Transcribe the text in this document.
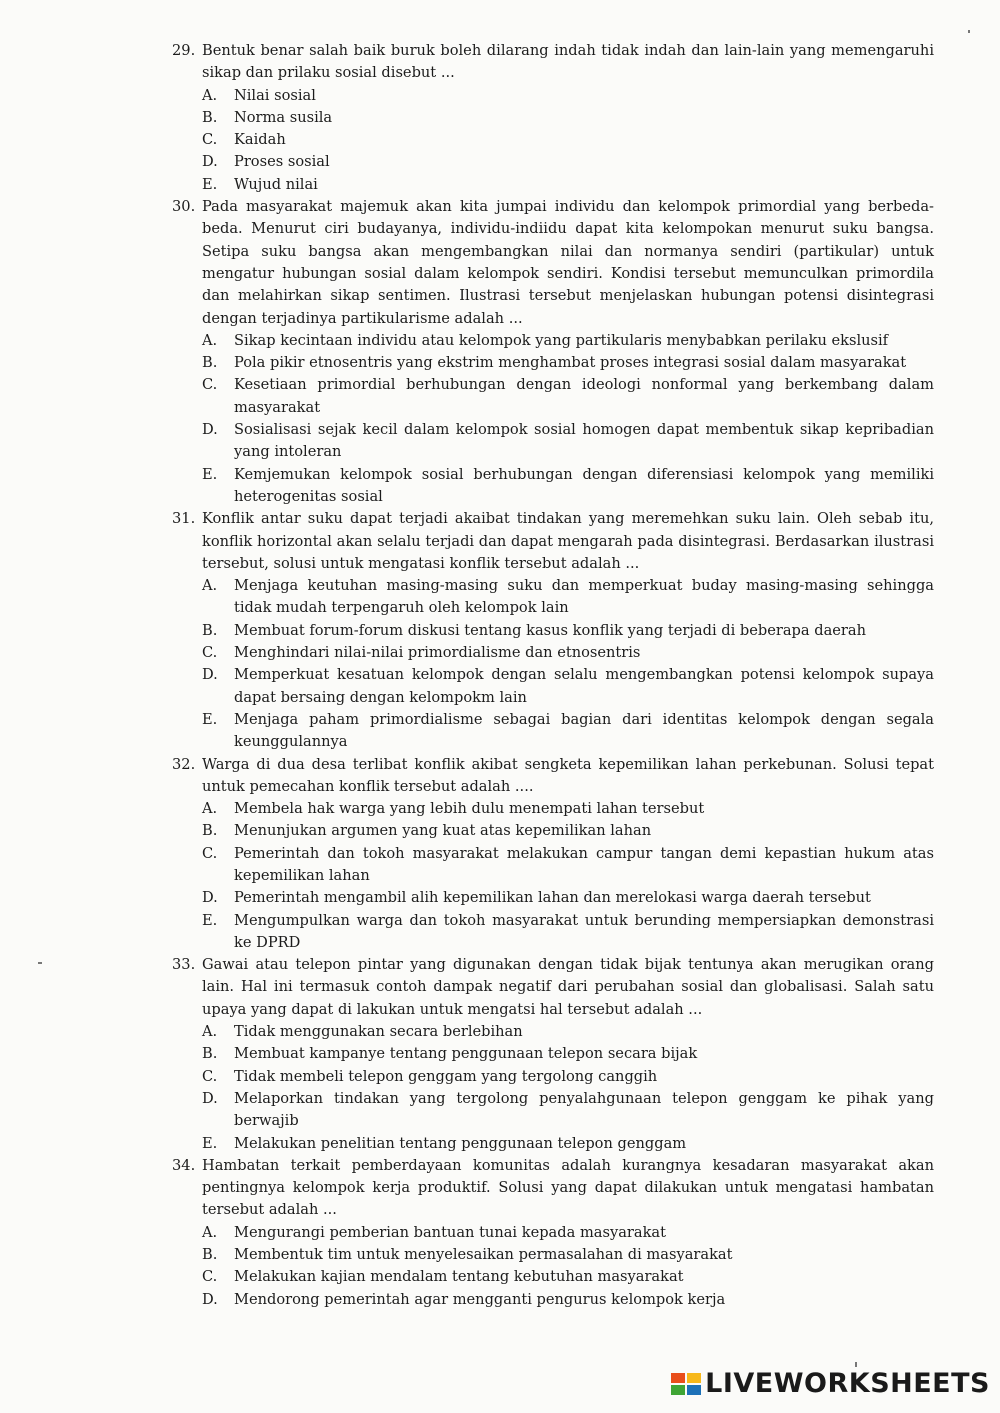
29. Bentuk benar salah baik buruk boleh dilarang indah tidak indah dan lain-lain yang memengaruhi sikap dan prilaku sosial disebut ...
A.	Nilai sosial
B.	Norma susila
C.	Kaidah
D.	Proses sosial
E.	Wujud nilai
30. Pada masyarakat majemuk akan kita jumpai individu dan kelompok primordial yang berbeda-beda. Menurut ciri budayanya, individu-indiidu dapat kita kelompokan menurut suku bangsa. Setipa suku bangsa akan mengembangkan nilai dan normanya sendiri (partikular) untuk mengatur hubungan sosial dalam kelompok sendiri. Kondisi tersebut memunculkan primordila dan melahirkan sikap sentimen. Ilustrasi tersebut menjelaskan hubungan potensi disintegrasi dengan terjadinya partikularisme adalah ...
A.	Sikap kecintaan individu atau kelompok yang partikularis menybabkan perilaku ekslusif
B.	Pola pikir etnosentris yang ekstrim menghambat proses integrasi sosial dalam masyarakat
C.	Kesetiaan primordial berhubungan dengan ideologi nonformal yang berkembang dalam masyarakat
D.	Sosialisasi sejak kecil dalam kelompok sosial homogen dapat membentuk sikap kepribadian yang intoleran
E.	Kemjemukan kelompok sosial berhubungan dengan diferensiasi kelompok yang memiliki heterogenitas sosial
31. Konflik antar suku dapat terjadi akaibat tindakan yang meremehkan suku lain. Oleh sebab itu, konflik horizontal akan selalu terjadi dan dapat mengarah pada disintegrasi. Berdasarkan ilustrasi tersebut, solusi untuk mengatasi konflik tersebut adalah ...
A.	Menjaga keutuhan masing-masing suku dan memperkuat buday masing-masing sehingga tidak mudah terpengaruh oleh kelompok lain
B.	Membuat forum-forum diskusi tentang kasus konflik yang terjadi di beberapa daerah
C.	Menghindari nilai-nilai primordialisme dan etnosentris
D.	Memperkuat kesatuan kelompok dengan selalu mengembangkan potensi kelompok supaya dapat bersaing dengan kelompokm lain
E.	Menjaga paham primordialisme sebagai bagian dari identitas kelompok dengan segala keunggulannya
32. Warga di dua desa terlibat konflik akibat sengketa kepemilikan lahan perkebunan. Solusi tepat untuk pemecahan konflik tersebut adalah ....
A.	Membela hak warga yang lebih dulu menempati lahan tersebut
B.	Menunjukan argumen yang kuat atas kepemilikan lahan
C.	Pemerintah dan tokoh masyarakat melakukan campur tangan demi kepastian hukum atas kepemilikan lahan
D.	Pemerintah mengambil alih kepemilikan lahan dan merelokasi warga daerah tersebut
E.	Mengumpulkan warga dan tokoh masyarakat untuk berunding mempersiapkan demonstrasi ke DPRD
33. Gawai atau telepon pintar yang digunakan dengan tidak bijak tentunya akan merugikan orang lain. Hal ini termasuk contoh dampak negatif dari perubahan sosial dan globalisasi. Salah satu upaya yang dapat di lakukan untuk mengatsi hal tersebut adalah ...
A.	Tidak menggunakan secara berlebihan
B.	Membuat kampanye tentang penggunaan telepon secara bijak
C.	Tidak membeli telepon genggam yang tergolong canggih
D.	Melaporkan tindakan yang tergolong penyalahgunaan telepon genggam ke pihak yang berwajib
E.	Melakukan penelitian tentang penggunaan telepon genggam
34. Hambatan terkait pemberdayaan komunitas adalah kurangnya kesadaran masyarakat akan pentingnya kelompok kerja produktif. Solusi yang dapat dilakukan untuk mengatasi hambatan tersebut adalah ...
A.	Mengurangi pemberian bantuan tunai kepada masyarakat
B.	Membentuk tim untuk menyelesaikan permasalahan di masyarakat
C.	Melakukan kajian mendalam tentang kebutuhan masyarakat
D.	Mendorong pemerintah agar mengganti pengurus kelompok kerja
LIVEWORKSHEETS
